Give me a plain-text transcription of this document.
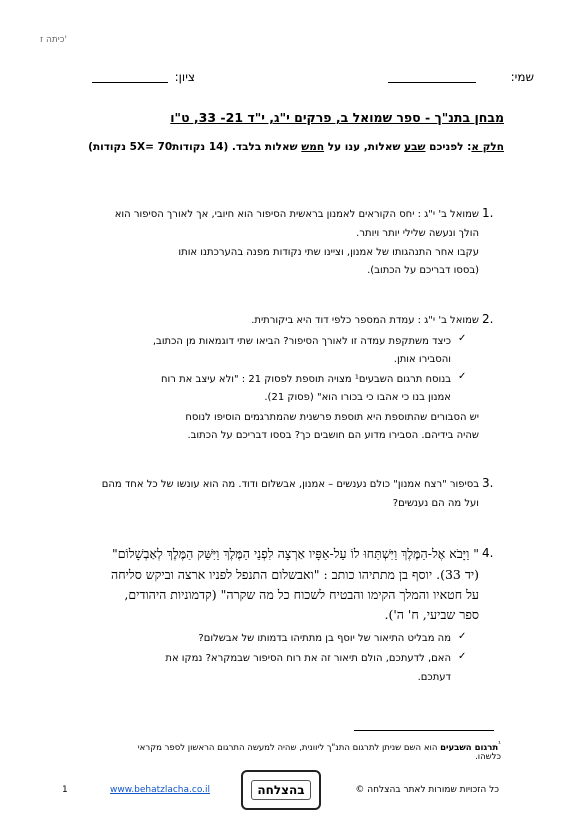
כיתה ז'
שמי:
ציון:
מבחן בתנ"ך - ספר שמואל ב, פרקים י"ג, י"ד 21- 33, ט"ו
חלק א: לפניכם שבע שאלות, ענו על חמש שאלות בלבד. (14 נקודות5X= 70 נקודות)
1.
שמואל ב' י"ג : יחס הקוראים לאמנון בראשית הסיפור הוא חיובי, אך לאורך הסיפור הוא
הולך ונעשה שלילי יותר ויותר.
עקבו אחר התנהגותו של אמנון, וציינו שתי נקודות מפנה בהערכתנו אותו
(בססו דבריכם על הכתוב).
2.
שמואל ב' י"ג : עמדת המספר כלפי דוד היא ביקורתית.
✓
כיצד משתקפת עמדה זו לאורך הסיפור? הביאו שתי דוגמאות מן הכתוב,
והסבירו אותן.
✓
בנוסח תרגום השבעים¹ מצויה תוספת לפסוק 21 : "ולא עיצב את רוח
אמנון בנו כי אהבו כי בכורו הוא" (פסוק 21).
יש הסבורים שהתוספת היא תוספת פרשנית שהמתרגמים הוסיפו לנוסח
שהיה בידיהם. הסבירו מדוע הם חושבים כך? בססו דבריכם על הכתוב.
3.
בסיפור "רצח אמנון" כולם נענשים – אמנון, אבשלום ודוד. מה הוא עונשו של כל אחד מהם
ועל מה הם נענשים?
4.
" וַיָּבֹא אֶל-הַמֶּלֶךְ וַיִּשְׁתַּחוּ לוֹ עַל-אַפָּיו אַרְצָה לִפְנֵי הַמֶּלֶךְ וַיִּשַּׁק הַמֶּלֶךְ לְאַבְשָׁלוֹם"
(יד 33). יוסף בן מתתיהו כותב : "ואבשלום התנפל לפניו ארצה וביקש סליחה
על חטאיו והמלך הקימו והבטיח לשכוח כל מה שקרה" (קדמוניות היהודים,
ספר שביעי, ח' ה').
✓
מה מבליט התיאור של יוסף בן מתתיהו בדמותו של אבשלום?
✓
האם, לדעתכם, הולם תיאור זה את רוח הסיפור שבמקרא? נמקו את
דעתכם.
$^{^1}$תרגום השבעים הוא השם שניתן לתרגום התנ"ך ליוונית, שהיה למעשה התרגום הראשון לספר מקראי
כלשהו.
כל הזכויות שמורות לאתר בהצלחה ©
בהצלחה
www.behatzlacha.co.il
1
